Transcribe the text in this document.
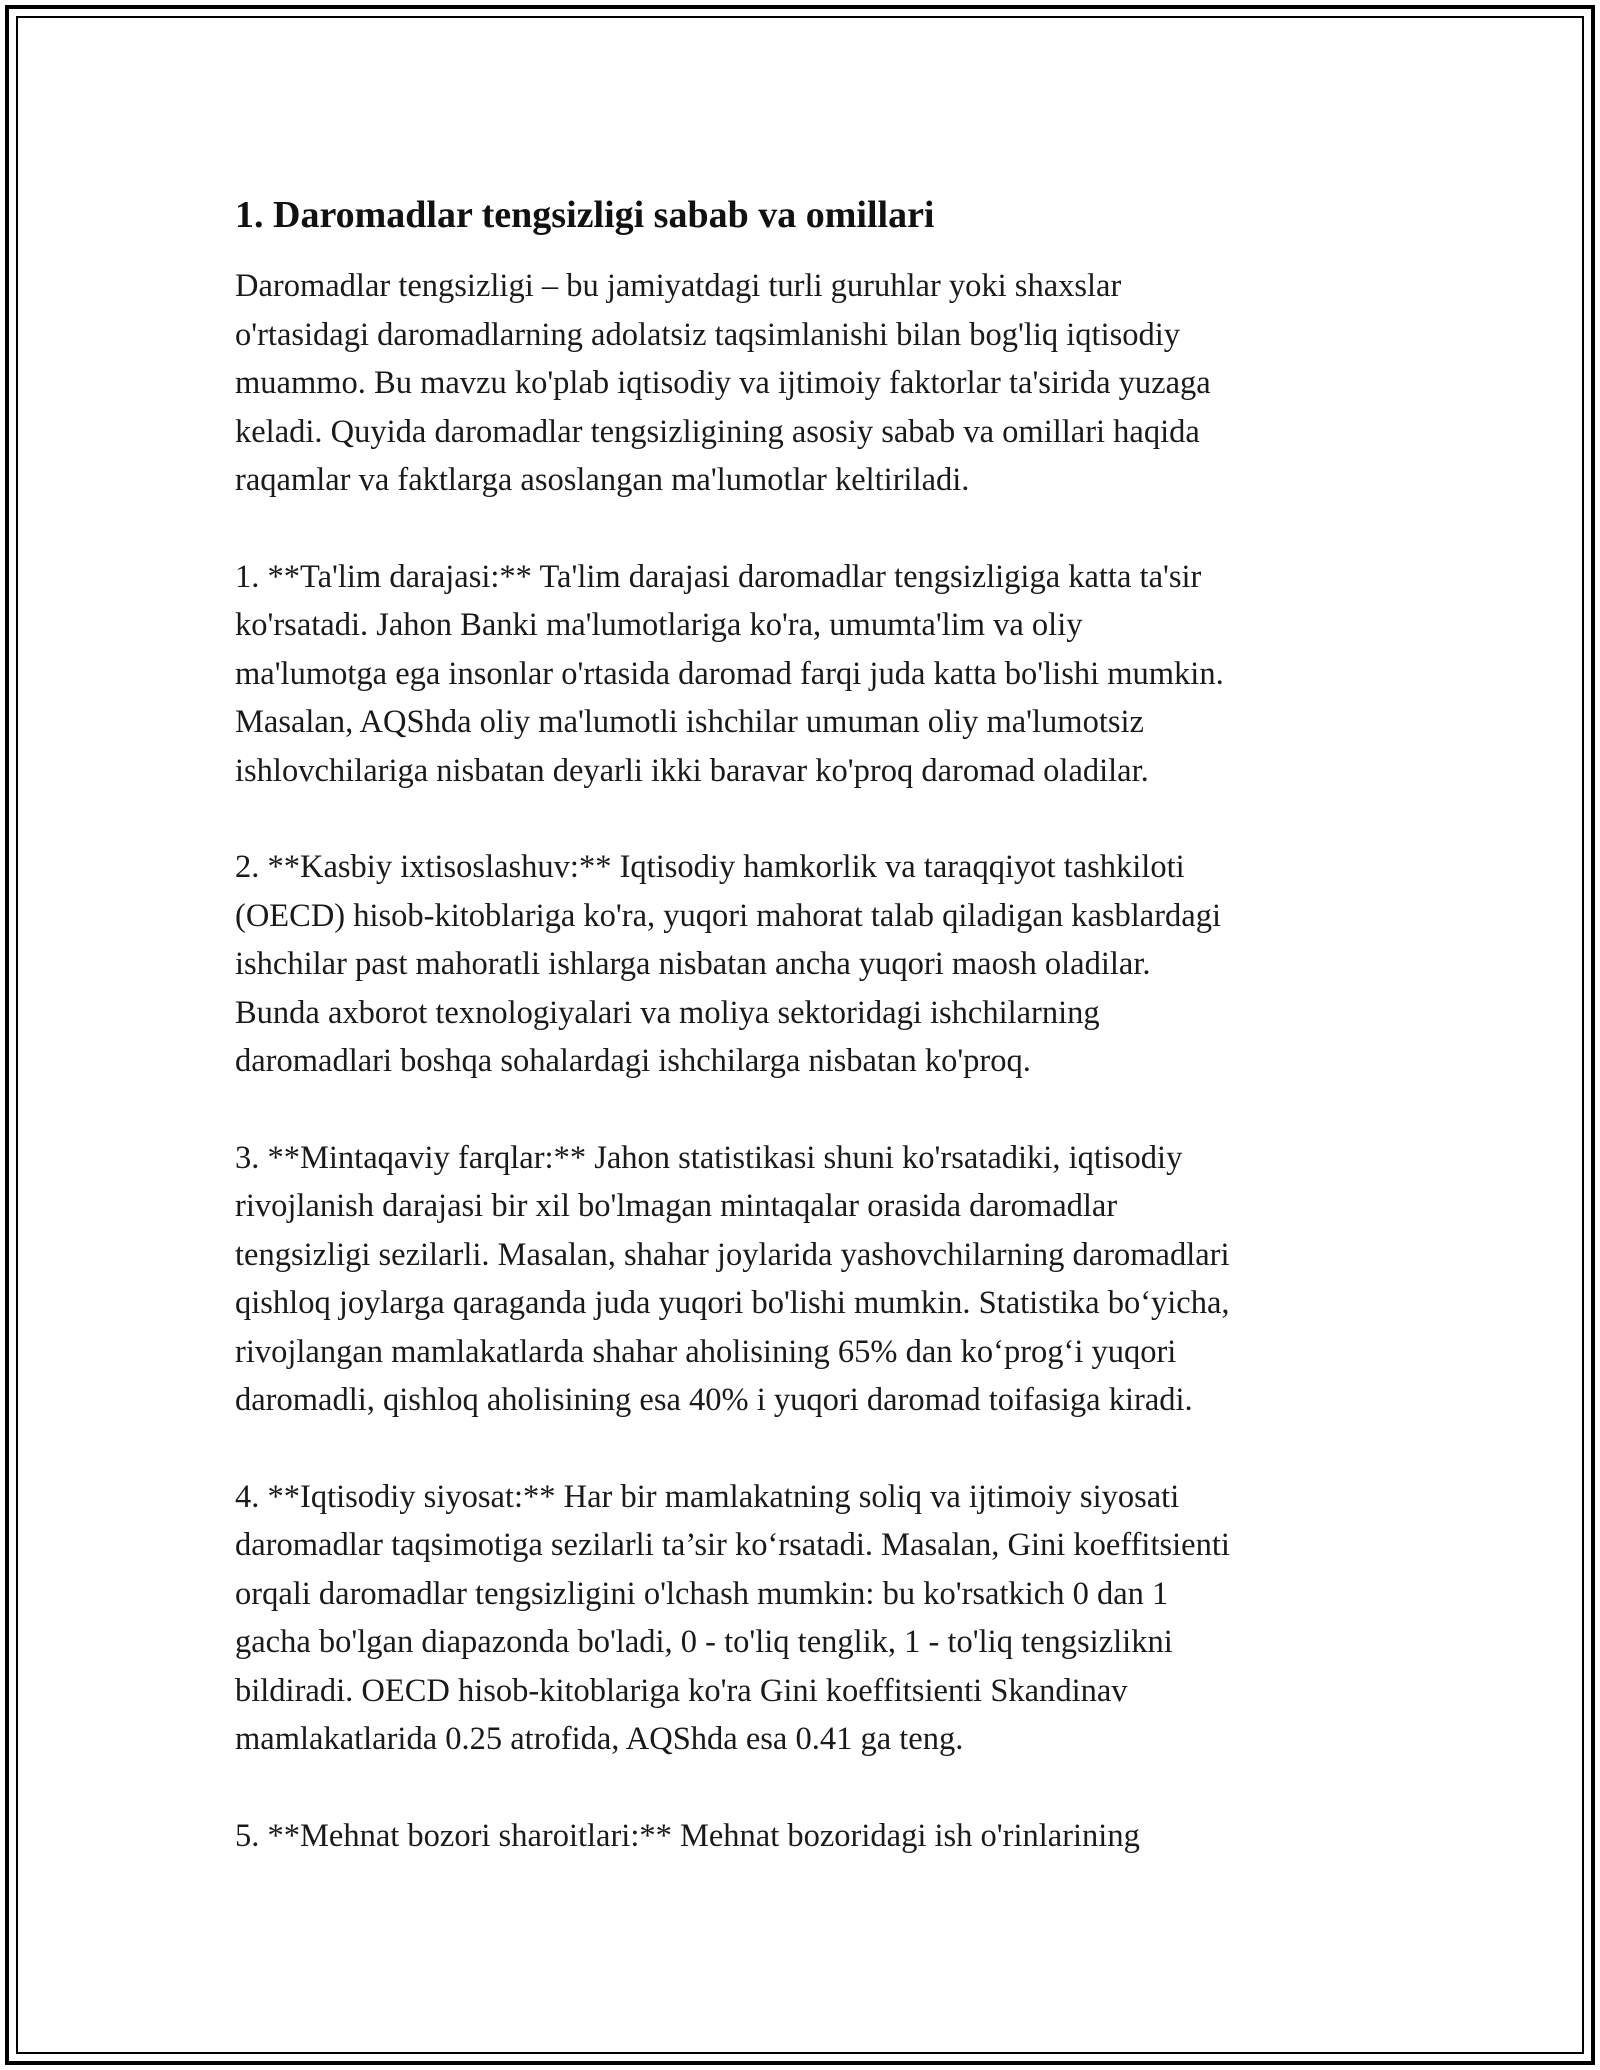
1. Daromadlar tengsizligi sabab va omillari

Daromadlar tengsizligi – bu jamiyatdagi turli guruhlar yoki shaxslar
o'rtasidagi daromadlarning adolatsiz taqsimlanishi bilan bog'liq iqtisodiy
muammo. Bu mavzu ko'plab iqtisodiy va ijtimoiy faktorlar ta'sirida yuzaga
keladi. Quyida daromadlar tengsizligining asosiy sabab va omillari haqida
raqamlar va faktlarga asoslangan ma'lumotlar keltiriladi.

1. **Ta'lim darajasi:** Ta'lim darajasi daromadlar tengsizligiga katta ta'sir
ko'rsatadi. Jahon Banki ma'lumotlariga ko'ra, umumta'lim va oliy
ma'lumotga ega insonlar o'rtasida daromad farqi juda katta bo'lishi mumkin.
Masalan, AQShda oliy ma'lumotli ishchilar umuman oliy ma'lumotsiz
ishlovchilariga nisbatan deyarli ikki baravar ko'proq daromad oladilar.

2. **Kasbiy ixtisoslashuv:** Iqtisodiy hamkorlik va taraqqiyot tashkiloti
(OECD) hisob-kitoblariga ko'ra, yuqori mahorat talab qiladigan kasblardagi
ishchilar past mahoratli ishlarga nisbatan ancha yuqori maosh oladilar.
Bunda axborot texnologiyalari va moliya sektoridagi ishchilarning
daromadlari boshqa sohalardagi ishchilarga nisbatan ko'proq.

3. **Mintaqaviy farqlar:** Jahon statistikasi shuni ko'rsatadiki, iqtisodiy
rivojlanish darajasi bir xil bo'lmagan mintaqalar orasida daromadlar
tengsizligi sezilarli. Masalan, shahar joylarida yashovchilarning daromadlari
qishloq joylarga qaraganda juda yuqori bo'lishi mumkin. Statistika bo‘yicha,
rivojlangan mamlakatlarda shahar aholisining 65% dan ko‘prog‘i yuqori
daromadli, qishloq aholisining esa 40% i yuqori daromad toifasiga kiradi.

4. **Iqtisodiy siyosat:** Har bir mamlakatning soliq va ijtimoiy siyosati
daromadlar taqsimotiga sezilarli ta’sir ko‘rsatadi. Masalan, Gini koeffitsienti
orqali daromadlar tengsizligini o'lchash mumkin: bu ko'rsatkich 0 dan 1
gacha bo'lgan diapazonda bo'ladi, 0 - to'liq tenglik, 1 - to'liq tengsizlikni
bildiradi. OECD hisob-kitoblariga ko'ra Gini koeffitsienti Skandinav
mamlakatlarida 0.25 atrofida, AQShda esa 0.41 ga teng.

5. **Mehnat bozori sharoitlari:** Mehnat bozoridagi ish o'rinlarining
